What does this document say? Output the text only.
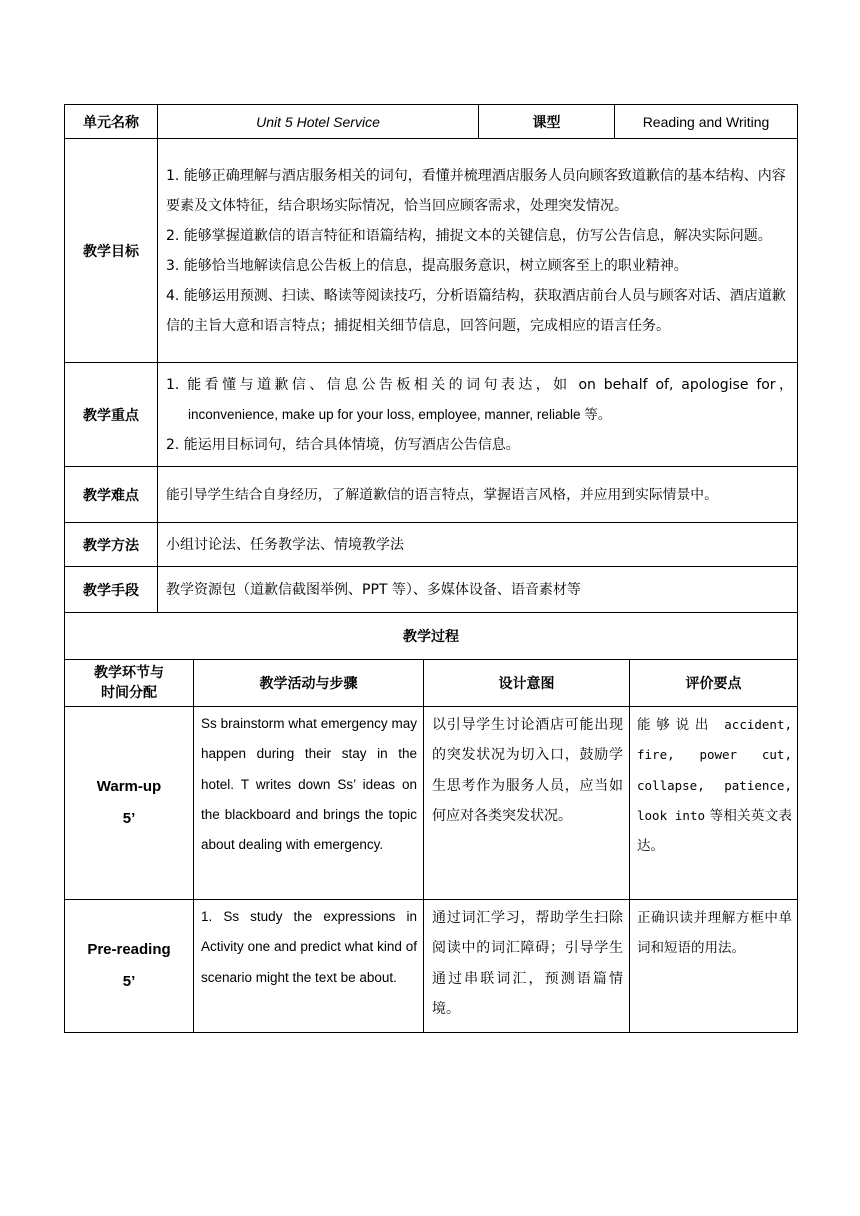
单元名称	Unit 5 Hotel Service	课型	Reading and Writing
教学目标	1. 能够正确理解与酒店服务相关的词句，看懂并梳理酒店服务人员向顾客致道歉信的基本结构、内容要素及文体特征，结合职场实际情况，恰当回应顾客需求，处理突发情况。

2. 能够掌握道歉信的语言特征和语篇结构，捕捉文本的关键信息，仿写公告信息，解决实际问题。

3. 能够恰当地解读信息公告板上的信息，提高服务意识，树立顾客至上的职业精神。

4. 能够运用预测、扫读、略读等阅读技巧，分析语篇结构，获取酒店前台人员与顾客对话、酒店道歉信的主旨大意和语言特点；捕捉相关细节信息，回答问题，完成相应的语言任务。		

教学重点	1. 能看懂与道歉信、信息公告板相关的词句表达，如 on behalf of, apologise for，

inconvenience, make up for your loss, employee, manner, reliable 等。

2. 能运用目标词句，结合具体情境，仿写酒店公告信息。		

教学难点	能引导学生结合自身经历，了解道歉信的语言特点，掌握语言风格，并应用到实际情景中。		
教学方法	小组讨论法、任务教学法、情境教学法		
教学手段	教学资源包（道歉信截图举例、PPT 等）、多媒体设备、语音素材等		
教学过程			

教学环节与
时间分配	教学活动与步骤	设计意图	评价要点

Warm-up
5’	Ss brainstorm what emergency may happen during their stay in the hotel. T writes down Ss’ ideas on the blackboard and brings the topic about dealing with emergency.	以引导学生讨论酒店可能出现的突发状况为切入口，鼓励学生思考作为服务人员，应当如何应对各类突发状况。	能够说出 accident, fire, power cut, collapse, patience, look into 等相关英文表达。

Pre-reading
5’	1. Ss study the expressions in Activity one and predict what kind of scenario might the text be about.	通过词汇学习，帮助学生扫除阅读中的词汇障碍；引导学生通过串联词汇，预测语篇情境。	正确识读并理解方框中单词和短语的用法。
